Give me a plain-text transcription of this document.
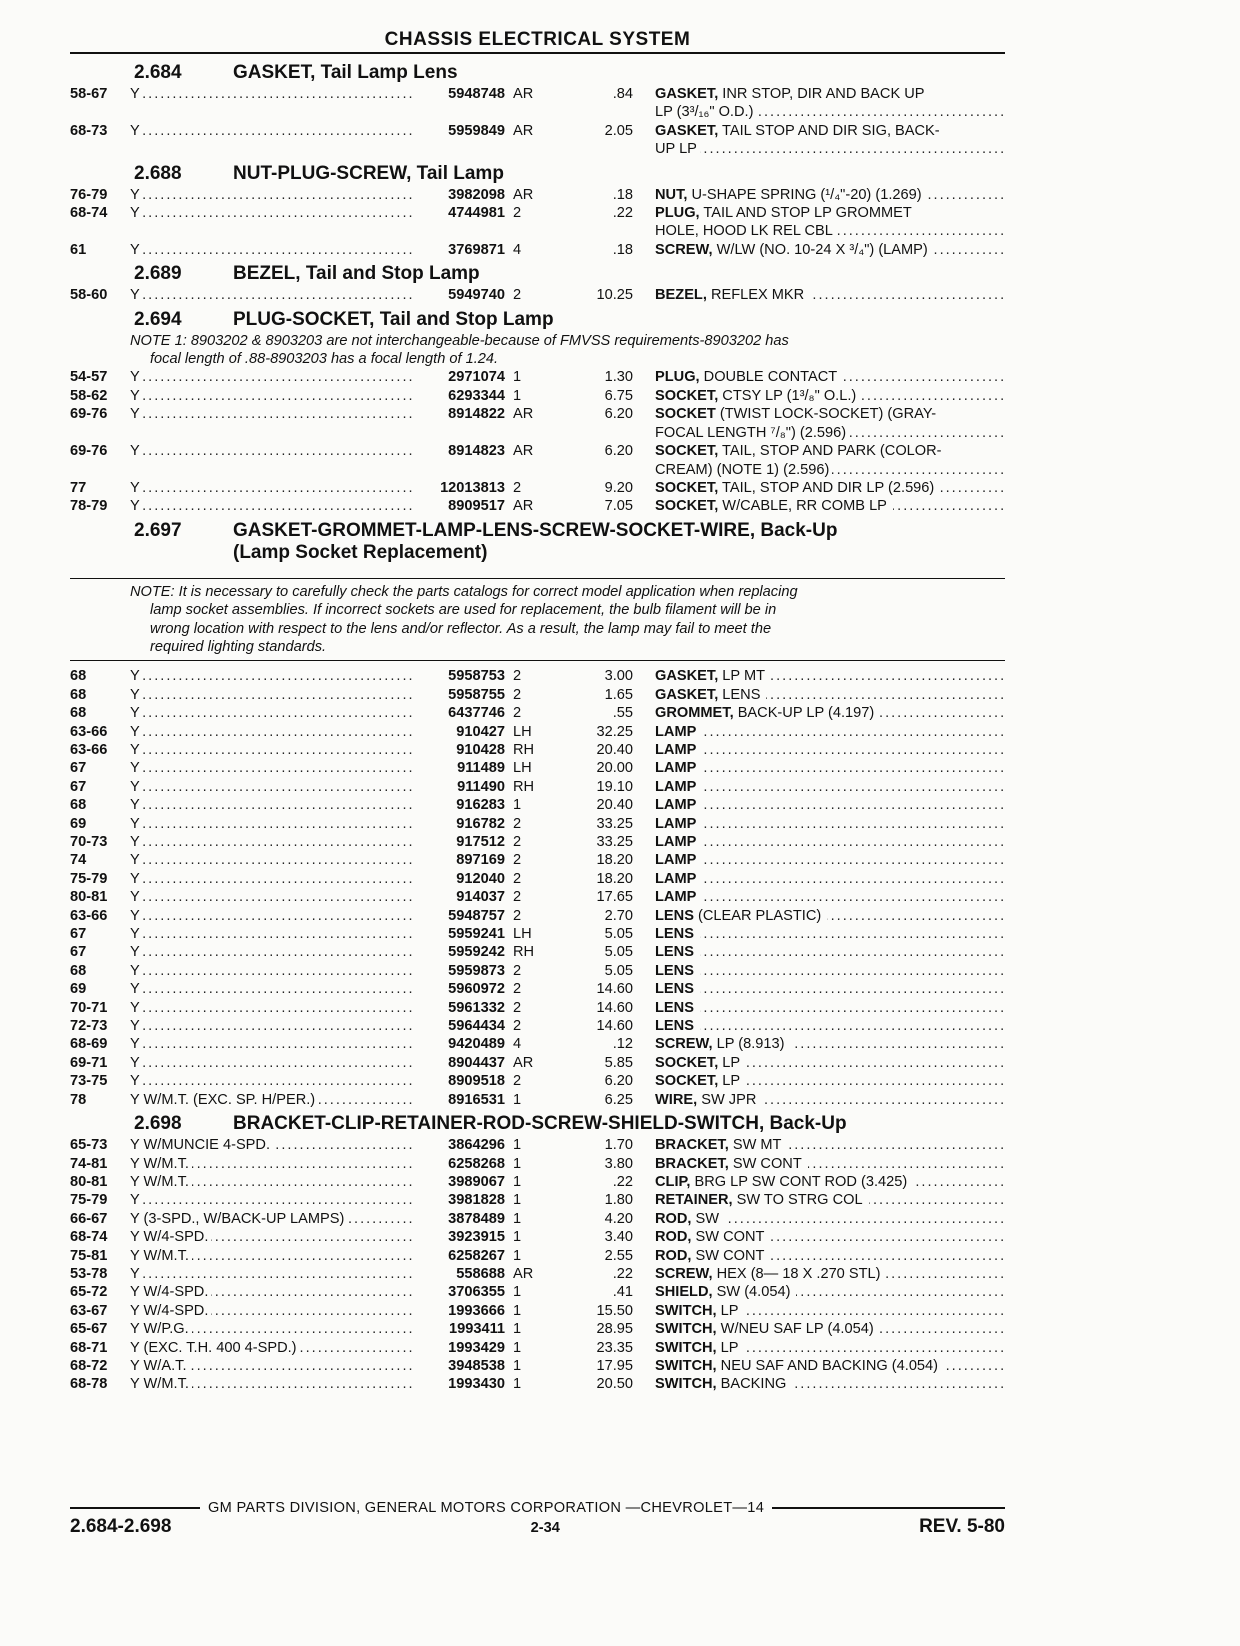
CHASSIS ELECTRICAL SYSTEM
2.684	GASKET, Tail Lamp Lens
58-67	Y .....	5948748 AR	.84	GASKET, INR STOP, DIR AND BACK UP
LP (3³/₁₆" O.D.) .....
68-73	Y .....	5959849 AR	2.05	GASKET, TAIL STOP AND DIR SIG, BACK-
UP LP .....
2.688	NUT-PLUG-SCREW, Tail Lamp
76-79	Y .....	3982098 AR	.18	NUT, U-SHAPE SPRING (¹/₄"-20) (1.269) .....
68-74	Y .....	4744981 2	.22	PLUG, TAIL AND STOP LP GROMMET
HOLE, HOOD LK REL CBL .....
61	Y .....	3769871 4	.18	SCREW, W/LW (NO. 10-24 X ³/₄") (LAMP) .....
2.689	BEZEL, Tail and Stop Lamp
58-60	Y .....	5949740 2	10.25	BEZEL, REFLEX MKR .....
2.694	PLUG-SOCKET, Tail and Stop Lamp
NOTE 1: 8903202 & 8903203 are not interchangeable-because of FMVSS requirements-8903202 has
focal length of .88-8903203 has a focal length of 1.24.
54-57	Y .....	2971074 1	1.30	PLUG, DOUBLE CONTACT .....
58-62	Y .....	6293344 1	6.75	SOCKET, CTSY LP (1³/₈" O.L.) .....
69-76	Y .....	8914822 AR	6.20	SOCKET (TWIST LOCK-SOCKET) (GRAY-
FOCAL LENGTH ⁷/₈") (2.596) .....
69-76	Y .....	8914823 AR	6.20	SOCKET, TAIL, STOP AND PARK (COLOR-
CREAM) (NOTE 1) (2.596) .....
77	Y .....	12013813 2	9.20	SOCKET, TAIL, STOP AND DIR LP (2.596) .....
78-79	Y .....	8909517 AR	7.05	SOCKET, W/CABLE, RR COMB LP .....
2.697	GASKET-GROMMET-LAMP-LENS-SCREW-SOCKET-WIRE, Back-Up
(Lamp Socket Replacement)
NOTE: It is necessary to carefully check the parts catalogs for correct model application when replacing
lamp socket assemblies. If incorrect sockets are used for replacement, the bulb filament will be in
wrong location with respect to the lens and/or reflector. As a result, the lamp may fail to meet the
required lighting standards.
68	Y .....	5958753 2	3.00	GASKET, LP MT .....
68	Y .....	5958755 2	1.65	GASKET, LENS .....
68	Y .....	6437746 2	.55	GROMMET, BACK-UP LP (4.197) .....
63-66	Y .....	910427 LH	32.25	LAMP .....
63-66	Y .....	910428 RH	20.40	LAMP .....
67	Y .....	911489 LH	20.00	LAMP .....
67	Y .....	911490 RH	19.10	LAMP .....
68	Y .....	916283 1	20.40	LAMP .....
69	Y .....	916782 2	33.25	LAMP .....
70-73	Y .....	917512 2	33.25	LAMP .....
74	Y .....	897169 2	18.20	LAMP .....
75-79	Y .....	912040 2	18.20	LAMP .....
80-81	Y .....	914037 2	17.65	LAMP .....
63-66	Y .....	5948757 2	2.70	LENS (CLEAR PLASTIC) .....
67	Y .....	5959241 LH	5.05	LENS .....
67	Y .....	5959242 RH	5.05	LENS .....
68	Y .....	5959873 2	5.05	LENS .....
69	Y .....	5960972 2	14.60	LENS .....
70-71	Y .....	5961332 2	14.60	LENS .....
72-73	Y .....	5964434 2	14.60	LENS .....
68-69	Y .....	9420489 4	.12	SCREW, LP (8.913) .....
69-71	Y .....	8904437 AR	5.85	SOCKET, LP .....
73-75	Y .....	8909518 2	6.20	SOCKET, LP .....
78	Y W/M.T. (EXC. SP. H/PER.) .....	8916531 1	6.25	WIRE, SW JPR .....
2.698	BRACKET-CLIP-RETAINER-ROD-SCREW-SHIELD-SWITCH, Back-Up
65-73	Y W/MUNCIE 4-SPD. .....	3864296 1	1.70	BRACKET, SW MT .....
74-81	Y W/M.T. .....	6258268 1	3.80	BRACKET, SW CONT .....
80-81	Y W/M.T. .....	3989067 1	.22	CLIP, BRG LP SW CONT ROD (3.425) .....
75-79	Y .....	3981828 1	1.80	RETAINER, SW TO STRG COL .....
66-67	Y (3-SPD., W/BACK-UP LAMPS) .....	3878489 1	4.20	ROD, SW .....
68-74	Y W/4-SPD. .....	3923915 1	3.40	ROD, SW CONT .....
75-81	Y W/M.T. .....	6258267 1	2.55	ROD, SW CONT .....
53-78	Y .....	558688 AR	.22	SCREW, HEX (8— 18 X .270 STL) .....
65-72	Y W/4-SPD. .....	3706355 1	.41	SHIELD, SW (4.054) .....
63-67	Y W/4-SPD. .....	1993666 1	15.50	SWITCH, LP .....
65-67	Y W/P.G. .....	1993411 1	28.95	SWITCH, W/NEU SAF LP (4.054) .....
68-71	Y (EXC. T.H. 400 4-SPD.) .....	1993429 1	23.35	SWITCH, LP .....
68-72	Y W/A.T. .....	3948538 1	17.95	SWITCH, NEU SAF AND BACKING (4.054) .....
68-78	Y W/M.T. .....	1993430 1	20.50	SWITCH, BACKING .....
GM PARTS DIVISION, GENERAL MOTORS CORPORATION —CHEVROLET—14
2.684-2.698	2-34	REV. 5-80
